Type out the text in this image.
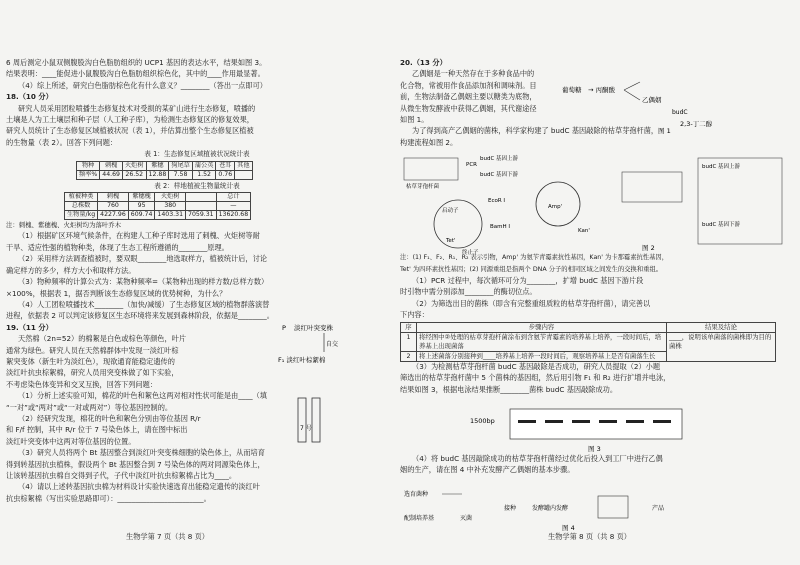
6 周后测定小鼠双侧腹股沟白色脂肪组织的 UCP1 基因的表达水平，结果如图 3。
结果表明：____能促进小鼠腹股沟白色脂肪组织棕色化，其中的____作用最显著。
（4）综上所述，研究白色脂肪棕色化有什么意义？________（答出一点即可）
18.（10 分）
研究人员采用团粒喷播生态修复技术对受损的某矿山进行生态修复，喷播的
土壤是人为工土壤层和种子层（人工种子库），为检测生态修复区的修复效果，
研究人员统计了生态修复区域植被状况（表 1），并估算出整个生态修复区植被
的生物量（表 2）。回答下列问题：
表 1：生态修复区域植被状况统计表
物种	刺槐	火炬树	紫穗	狗尾草	蒲公英	苍耳	其他
频率%	44.69	26.52	12.88	7.58	1.52	0.76	
表 2：样地植被生物量统计表
植被种类	刺槐	紫穗槐	火炬树		总计
总株数	760	95	380		—
生物量/kg	4227.96	609.74	1403.31	7059.31	13620.68
注：刺槐、紫穗槐、火炬树均为落叶乔木
（1）根据矿区环境气候条件，在构建人工种子库时选用了刺槐、火炬树等耐
干旱、适应性强的植物种类，体现了生态工程所遵循的________原理。
（2）采用样方法调查植被时，要双眼________地选取样方，植被统计后，讨论
确定样方的多少，样方大小和取样方法。
（3）物种频率的计算公式为：某物种频率=（某物种出现的样方数/总样方数）
×100%，根据表 1，据否判断该生态修复区域的优势树种，为什么？
（4）人工团粒喷播技术________（加快/减缓）了生态修复区域的植物群落演替
进程，依据表 2 可以判定该修复区生态环境将来发展到森林阶段，依据是________。
19.（11 分）
天然棉（2n=52）的棉絮是白色或棕色等颜色，叶片
通常为绿色。研究人员在天然棉群体中发现一淡红叶棕
絮突变体（新生叶为淡红色），现欲通育能稳定遗传的
淡红叶抗虫棕絮棉，研究人员用突变株做了如下实验，
不考虑染色体变异和交叉互换，回答下列问题：
（1）分析上述实验可知，棉花的叶色和絮色这两对相对性状可能是由____（填
“一对”或“两对”或“一对或两对”）等位基因控制的。
（2）经研究发现，棉花的叶色和絮色分别由等位基因 R/r
和 F/f 控制，其中 R/r 位于 7 号染色体上，请在图中标出
淡红叶突变体中这两对等位基因的位置。
（3）研究人员将两个 Bt 基因整合到淡红叶突变株细胞的染色体上，从而培育
得到转基因抗虫植株，假设两个 Bt 基因整合到 7 号染色体的两对同源染色体上，
让该转基因抗虫棉自交得到子代，子代中淡红叶抗虫棕絮棉占比为____。
（4）请以上述转基因抗虫棉为材料设计实验快速选育出能稳定遗传的淡红叶
抗虫棕絮棉（写出实验思路即可）：________________________。
P 淡红叶突变株
自交
F₁ 淡红叶棕絮棉
7 号
生物学第 7 页（共 8 页）
20.（13 分）
乙偶姻是一种天然存在于多种食品中的
化合物，常被用作食品添加剂和调味剂。目
前，生物法制备乙偶姻主要以糖类为底物，
从微生物发酵液中获得乙偶姻，其代谢途径
如图 1。
为了得到高产乙偶姻的菌株，科学家构建了 budC 基因敲除的枯草芽孢杆菌，
构建流程如图 2。
注：(1) F₁、F₂、R₁、R₂ 表示引物，Amp' 为氨苄青霉素抗性基因，Kan' 为卡那霉素抗性基因，
Tet' 为四环素抗性基因；(2) 同源重组是指两个 DNA 分子的相同区域之间发生的交换和重组。
（1）PCR 过程中，每次循环可分为________，扩增 budC 基因下游片段
时引物中需分别添加________的酶切位点。
（2）为筛选出目的菌株（即含有完整重组质粒的枯草芽孢杆菌），请完善以
下内容：
序	步骤内容	结果及结论
1	将经图中②处理的枯草芽孢杆菌涂布到含氨苄青霉素的培养基上培养，一段时间后，培养基上出现菌落	____，说明该单菌落的菌株即为目的菌株
2	将上述菌落分别接种到____培养基上培养一段时间后，观察培养基上是否有菌落生长	
（3）为检测枯草芽孢杆菌 budC 基因敲除是否成功，研究人员提取（2）小题
筛选出的枯草芽孢杆菌中 5 个菌株的基因组，然后用引物 F₁ 和 R₂ 进行扩增并电泳，
结果如图 3，根据电泳结果推断________菌株 budC 基因敲除成功。
（4）将 budC 基因敲除成功的枯草芽孢杆菌经过优化后投入到工厂中进行乙偶
姻的生产，请在图 4 中补充发酵产乙偶姻的基本步骤。
葡萄糖 → 丙酮酸
乙偶姻
budC
2,3-丁二醇
图 1
枯草芽孢杆菌
PCR
budC 基因上游
budC 基因下游
启动子
Tet'
终止子
EcoR I
BamH I
Amp'
Kan'
budC 基因上游
budC 基因下游
图 2
1500bp
图 3
选育菌种
配制培养基	灭菌
接种	发酵罐内发酵	产品
图 4
生物学第 8 页（共 8 页）
